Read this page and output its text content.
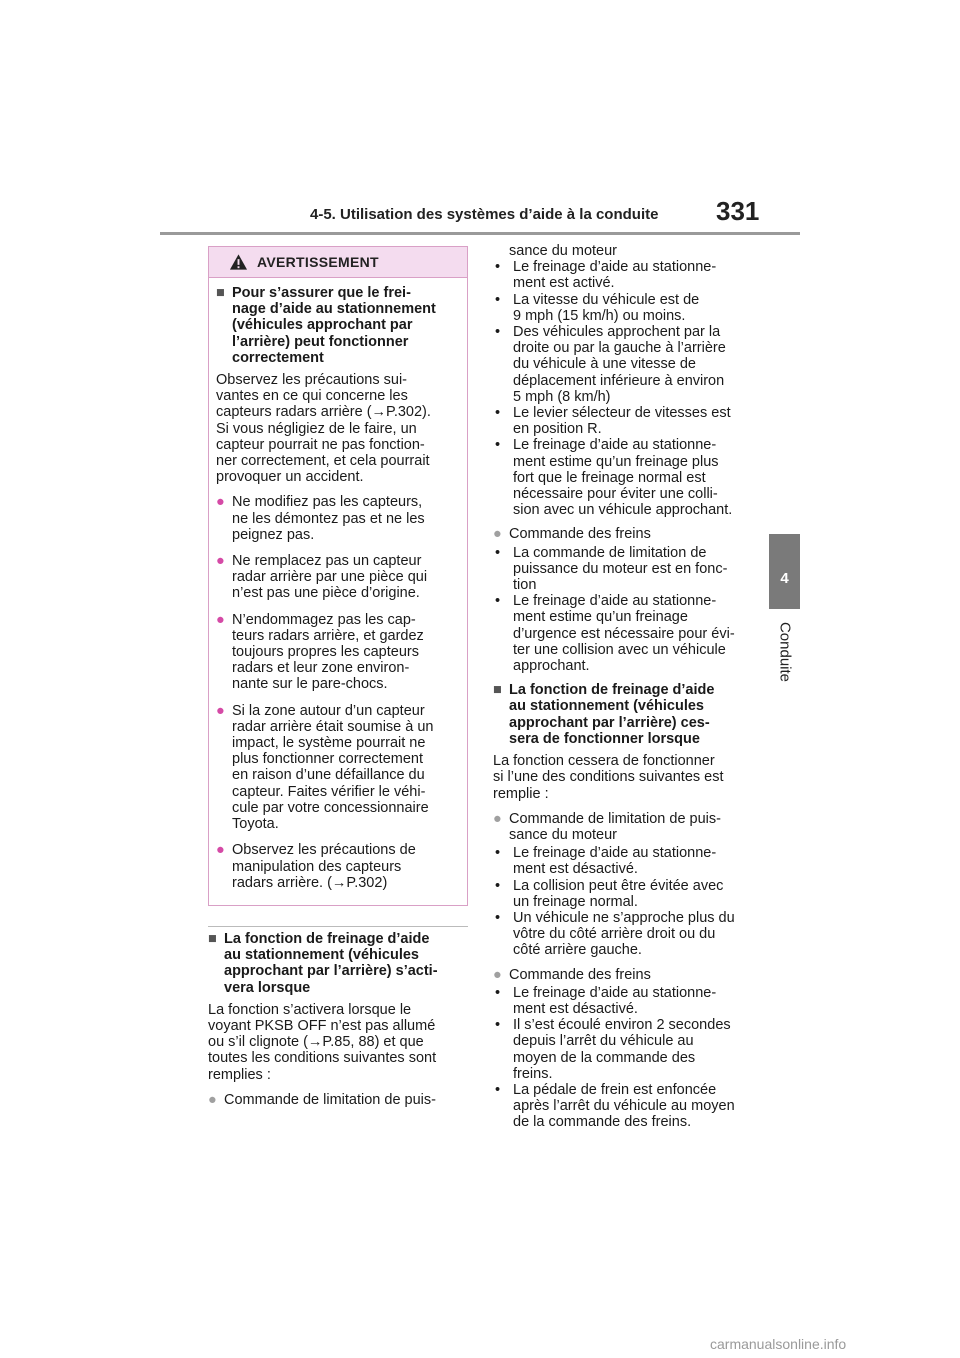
4-5. Utilisation des systèmes d’aide à la conduite 331
4
Conduite
AVERTISSEMENT
■ Pour s’assurer que le frei-
nage d’aide au stationnement
(véhicules approchant par
l’arrière) peut fonctionner
correctement
Observez les précautions sui-
vantes en ce qui concerne les
capteurs radars arrière (→P.302).
Si vous négligiez de le faire, un
capteur pourrait ne pas fonction-
ner correctement, et cela pourrait
provoquer un accident.
● Ne modifiez pas les capteurs,
ne les démontez pas et ne les
peignez pas.
● Ne remplacez pas un capteur
radar arrière par une pièce qui
n’est pas une pièce d’origine.
● N’endommagez pas les cap-
teurs radars arrière, et gardez
toujours propres les capteurs
radars et leur zone environ-
nante sur le pare-chocs.
● Si la zone autour d’un capteur
radar arrière était soumise à un
impact, le système pourrait ne
plus fonctionner correctement
en raison d’une défaillance du
capteur. Faites vérifier le véhi-
cule par votre concessionnaire
Toyota.
● Observez les précautions de
manipulation des capteurs
radars arrière. (→P.302)
■ La fonction de freinage d’aide
au stationnement (véhicules
approchant par l’arrière) s’acti-
vera lorsque
La fonction s’activera lorsque le
voyant PKSB OFF n’est pas allumé
ou s’il clignote (→P.85, 88) et que
toutes les conditions suivantes sont
remplies :
● Commande de limitation de puis-
sance du moteur
• Le freinage d’aide au stationne-
ment est activé.
• La vitesse du véhicule est de
9 mph (15 km/h) ou moins.
• Des véhicules approchent par la
droite ou par la gauche à l’arrière
du véhicule à une vitesse de
déplacement inférieure à environ
5 mph (8 km/h)
• Le levier sélecteur de vitesses est
en position R.
• Le freinage d’aide au stationne-
ment estime qu’un freinage plus
fort que le freinage normal est
nécessaire pour éviter une colli-
sion avec un véhicule approchant.
● Commande des freins
• La commande de limitation de
puissance du moteur est en fonc-
tion
• Le freinage d’aide au stationne-
ment estime qu’un freinage
d’urgence est nécessaire pour évi-
ter une collision avec un véhicule
approchant.
■ La fonction de freinage d’aide
au stationnement (véhicules
approchant par l’arrière) ces-
sera de fonctionner lorsque
La fonction cessera de fonctionner
si l’une des conditions suivantes est
remplie :
● Commande de limitation de puis-
sance du moteur
• Le freinage d’aide au stationne-
ment est désactivé.
• La collision peut être évitée avec
un freinage normal.
• Un véhicule ne s’approche plus du
vôtre du côté arrière droit ou du
côté arrière gauche.
● Commande des freins
• Le freinage d’aide au stationne-
ment est désactivé.
• Il s’est écoulé environ 2 secondes
depuis l’arrêt du véhicule au
moyen de la commande des
freins.
• La pédale de frein est enfoncée
après l’arrêt du véhicule au moyen
de la commande des freins.
carmanualsonline.info
